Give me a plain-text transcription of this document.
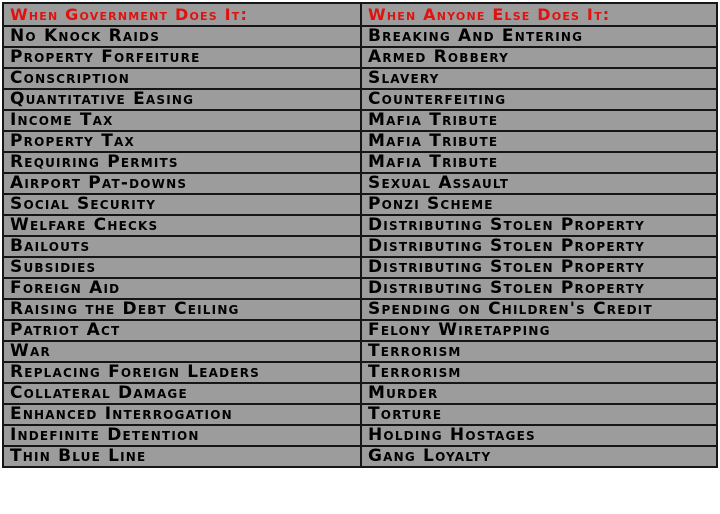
When Government Does It:	When Anyone Else Does It:
No Knock Raids	Breaking And Entering
Property Forfeiture	Armed Robbery
Conscription	Slavery
Quantitative Easing	Counterfeiting
Income Tax	Mafia Tribute
Property Tax	Mafia Tribute
Requiring Permits	Mafia Tribute
Airport Pat-downs	Sexual Assault
Social Security	Ponzi Scheme
Welfare Checks	Distributing Stolen Property
Bailouts	Distributing Stolen Property
Subsidies	Distributing Stolen Property
Foreign Aid	Distributing Stolen Property
Raising the Debt Ceiling	Spending on Children's Credit
Patriot Act	Felony Wiretapping
War	Terrorism
Replacing Foreign Leaders	Terrorism
Collateral Damage	Murder
Enhanced Interrogation	Torture
Indefinite Detention	Holding Hostages
Thin Blue Line	Gang Loyalty
